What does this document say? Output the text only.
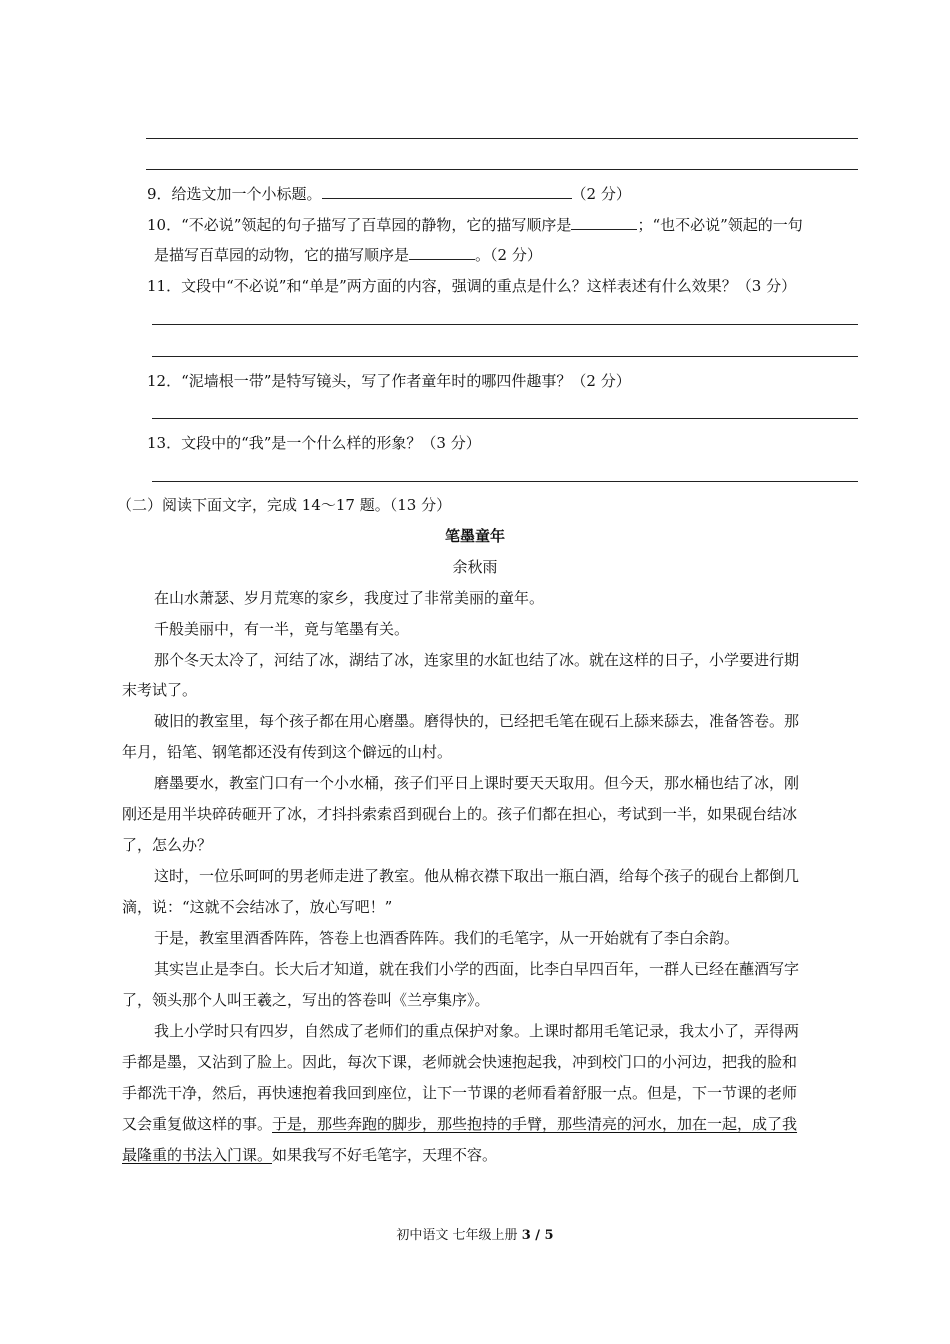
9．给选文加一个小标题。	（2 分）
10．“不必说”领起的句子描写了百草园的静物，它的描写顺序是	；“也不必说”领起的一句
是描写百草园的动物，它的描写顺序是	。（2 分）
11．文段中“不必说”和“单是”两方面的内容，强调的重点是什么？这样表述有什么效果？（3 分）
12．“泥墙根一带”是特写镜头，写了作者童年时的哪四件趣事？（2 分）
13．文段中的“我”是一个什么样的形象？（3 分）
（二）阅读下面文字，完成 14～17 题。（13 分）
笔墨童年
余秋雨
在山水萧瑟、岁月荒寒的家乡，我度过了非常美丽的童年。
千般美丽中，有一半，竟与笔墨有关。
那个冬天太冷了，河结了冰，湖结了冰，连家里的水缸也结了冰。就在这样的日子，小学要进行期
末考试了。
破旧的教室里，每个孩子都在用心磨墨。磨得快的，已经把毛笔在砚石上舔来舔去，准备答卷。那
年月，铅笔、钢笔都还没有传到这个僻远的山村。
磨墨要水，教室门口有一个小水桶，孩子们平日上课时要天天取用。但今天，那水桶也结了冰，刚
刚还是用半块碎砖砸开了冰，才抖抖索索舀到砚台上的。孩子们都在担心，考试到一半，如果砚台结冰
了，怎么办？
这时，一位乐呵呵的男老师走进了教室。他从棉衣襟下取出一瓶白酒，给每个孩子的砚台上都倒几
滴，说：“这就不会结冰了，放心写吧！”
于是，教室里酒香阵阵，答卷上也酒香阵阵。我们的毛笔字，从一开始就有了李白余韵。
其实岂止是李白。长大后才知道，就在我们小学的西面，比李白早四百年，一群人已经在蘸酒写字
了，领头那个人叫王羲之，写出的答卷叫《兰亭集序》。
我上小学时只有四岁，自然成了老师们的重点保护对象。上课时都用毛笔记录，我太小了，弄得两
手都是墨，又沾到了脸上。因此，每次下课，老师就会快速抱起我，冲到校门口的小河边，把我的脸和
手都洗干净，然后，再快速抱着我回到座位，让下一节课的老师看着舒服一点。但是，下一节课的老师
又会重复做这样的事。于是，那些奔跑的脚步，那些抱持的手臂，那些清亮的河水，加在一起，成了我
最隆重的书法入门课。如果我写不好毛笔字，天理不容。
初中语文 七年级上册 3 / 5
